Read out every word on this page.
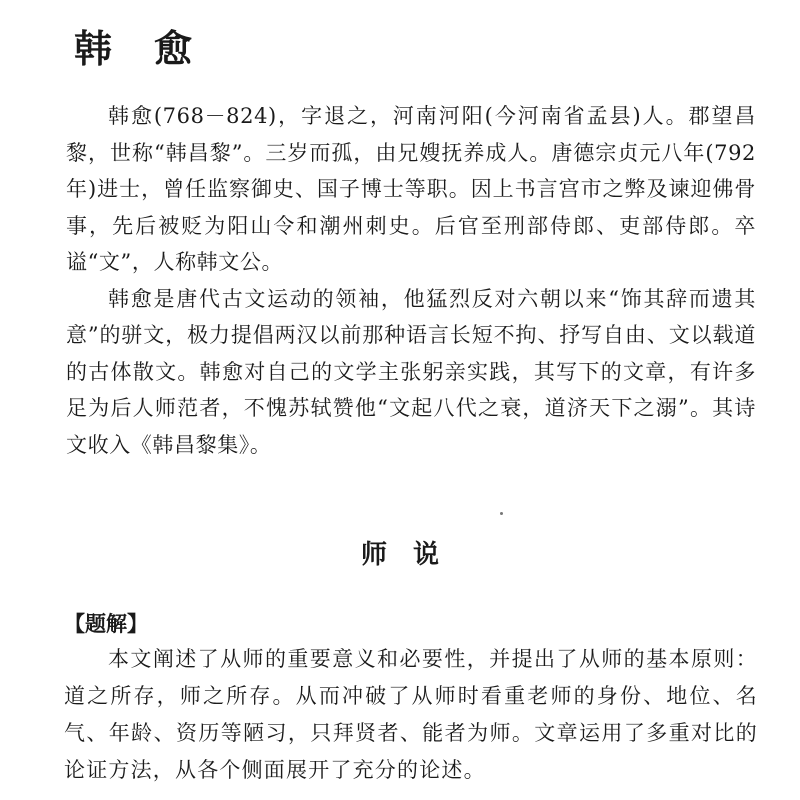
韩愈

韩愈(768－824)，字退之，河南河阳(今河南省孟县)人。郡望昌黎，世称“韩昌黎”。三岁而孤，由兄嫂抚养成人。唐德宗贞元八年(792年)进士，曾任监察御史、国子博士等职。因上书言宫市之弊及谏迎佛骨事，先后被贬为阳山令和潮州刺史。后官至刑部侍郎、吏部侍郎。卒谥“文”，人称韩文公。

韩愈是唐代古文运动的领袖，他猛烈反对六朝以来“饰其辞而遗其意”的骈文，极力提倡两汉以前那种语言长短不拘、抒写自由、文以载道的古体散文。韩愈对自己的文学主张躬亲实践，其写下的文章，有许多足为后人师范者，不愧苏轼赞他“文起八代之衰，道济天下之溺”。其诗文收入《韩昌黎集》。

师说
【题解】

本文阐述了从师的重要意义和必要性，并提出了从师的基本原则：道之所存，师之所存。从而冲破了从师时看重老师的身份、地位、名气、年龄、资历等陋习，只拜贤者、能者为师。文章运用了多重对比的论证方法，从各个侧面展开了充分的论述。
